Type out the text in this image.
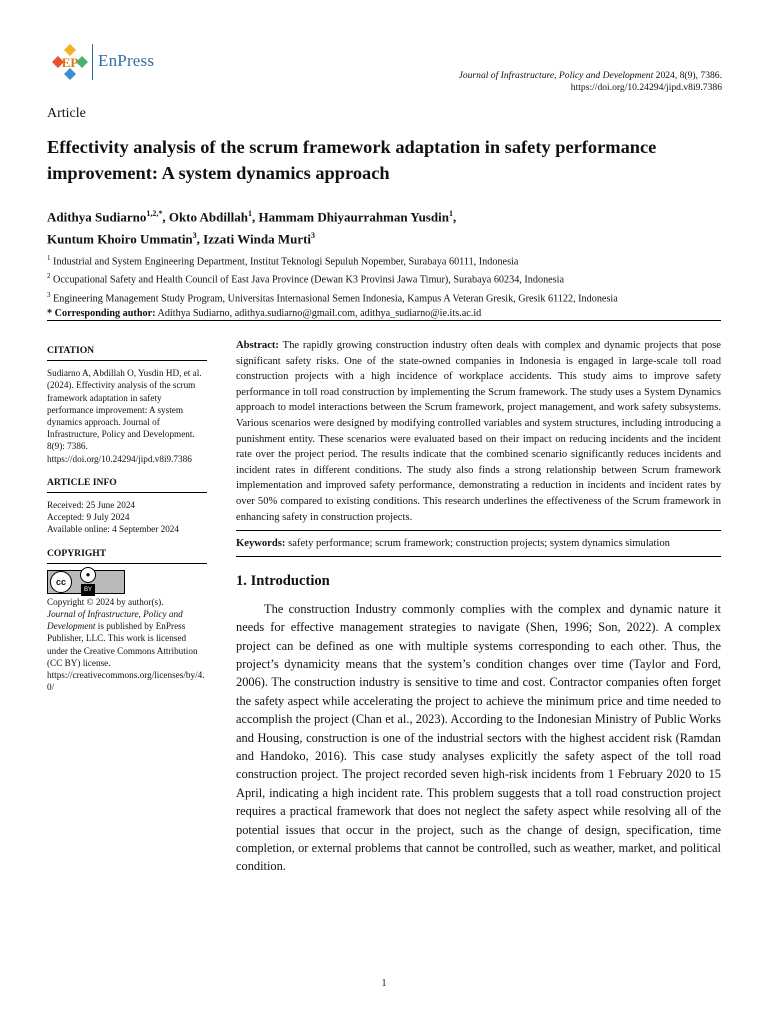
EP EnPress
Journal of Infrastructure, Policy and Development 2024, 8(9), 7386.
https://doi.org/10.24294/jipd.v8i9.7386
Article
Effectivity analysis of the scrum framework adaptation in safety performance improvement: A system dynamics approach
Adithya Sudiarno$^{1,2,*}$, Okto Abdillah$^1$, Hammam Dhiyaurrahman Yusdin$^1$,
Kuntum Khoiro Ummatin$^3$, Izzati Winda Murti$^3$
$^1$ Industrial and System Engineering Department, Institut Teknologi Sepuluh Nopember, Surabaya 60111, Indonesia
$^2$ Occupational Safety and Health Council of East Java Province (Dewan K3 Provinsi Jawa Timur), Surabaya 60234, Indonesia
$^3$ Engineering Management Study Program, Universitas Internasional Semen Indonesia, Kampus A Veteran Gresik, Gresik 61122, Indonesia
* Corresponding author: Adithya Sudiarno, adithya.sudiarno@gmail.com, adithya_sudiarno@ie.its.ac.id
CITATION
Sudiarno A, Abdillah O, Yusdin HD, et al. (2024). Effectivity analysis of the scrum framework adaptation in safety performance improvement: A system dynamics approach. Journal of Infrastructure, Policy and Development. 8(9): 7386. https://doi.org/10.24294/jipd.v8i9.7386
ARTICLE INFO
Received: 25 June 2024
Accepted: 9 July 2024
Available online: 4 September 2024
COPYRIGHT
cc
●
BY
Copyright © 2024 by author(s).
Journal of Infrastructure, Policy and Development is published by EnPress Publisher, LLC. This work is licensed under the Creative Commons Attribution (CC BY) license. https://creativecommons.org/licenses/by/4.0/
Abstract: The rapidly growing construction industry often deals with complex and dynamic projects that pose significant safety risks. One of the state-owned companies in Indonesia is engaged in large-scale toll road construction projects with a high incidence of workplace accidents. This study aims to improve safety performance in toll road construction by implementing the Scrum framework. The study uses a System Dynamics approach to model interactions between the Scrum framework, project management, and work safety subsystems. Various scenarios were designed by modifying controlled variables and system structures, including introducing a punishment entity. These scenarios were evaluated based on their impact on reducing incidents and the incident rate over the project period. The results indicate that the combined scenario significantly reduces incidents and incident rates in different conditions. The study also finds a strong relationship between Scrum framework implementation and improved safety performance, demonstrating a reduction in incidents and incident rates by over 50% compared to existing conditions. This research underlines the effectiveness of the Scrum framework in enhancing safety in construction projects.
Keywords: safety performance; scrum framework; construction projects; system dynamics simulation
1. Introduction
The construction Industry commonly complies with the complex and dynamic nature it needs for effective management strategies to navigate (Shen, 1996; Son, 2022). A complex project can be defined as one with multiple systems corresponding to each other. Thus, the project’s dynamicity means that the system’s condition changes over time (Taylor and Ford, 2006). The construction industry is sensitive to time and cost. Contractor companies often forget the safety aspect while accelerating the project to achieve the minimum price and time needed to accomplish the project (Chan et al., 2023). According to the Indonesian Ministry of Public Works and Housing, construction is one of the industrial sectors with the highest accident risk (Ramdan and Handoko, 2016). This case study analyses explicitly the safety aspect of the toll road construction project. The project recorded seven high-risk incidents from 1 February 2020 to 15 April, indicating a high incident rate. This problem suggests that a toll road construction project requires a practical framework that does not neglect the safety aspect while resolving all of the potential issues that occur in the project, such as the change of design, specification, time completion, or external problems that cannot be controlled, such as weather, market, and political condition.
1
